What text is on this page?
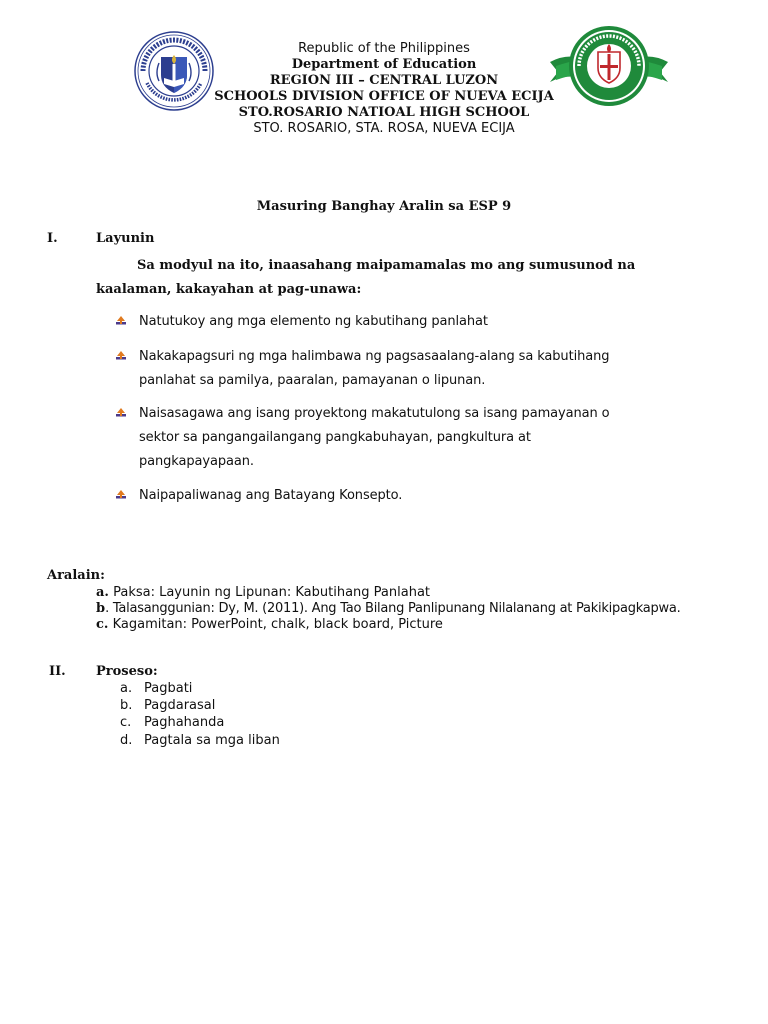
Republic of the Philippines
Department of Education
REGION III – CENTRAL LUZON
SCHOOLS DIVISION OFFICE OF NUEVA ECIJA
STO.ROSARIO NATIOAL HIGH SCHOOL
STO. ROSARIO, STA. ROSA, NUEVA ECIJA
Masuring Banghay Aralin sa ESP 9
I.	Layunin
Sa modyul na ito, inaasahang maipamamalas mo ang sumusunod na
kaalaman, kakayahan at pag-unawa:
Natutukoy ang mga elemento ng kabutihang panlahat
Nakakapagsuri ng mga halimbawa ng pagsasaalang-alang sa kabutihang
panlahat sa pamilya, paaralan, pamayanan o lipunan.
Naisasagawa ang isang proyektong makatutulong sa isang pamayanan o
sektor sa pangangailangang pangkabuhayan, pangkultura at
pangkapayapaan.
Naipapaliwanag ang Batayang Konsepto.
Aralain:
a. Paksa: Layunin ng Lipunan: Kabutihang Panlahat
b. Talasanggunian: Dy, M. (2011). Ang Tao Bilang Panlipunang Nilalanang at Pakikipagkapwa.
c. Kagamitan: PowerPoint, chalk, black board, Picture
II. Proseso:
a. Pagbati
b. Pagdarasal
c. Paghahanda
d. Pagtala sa mga liban
